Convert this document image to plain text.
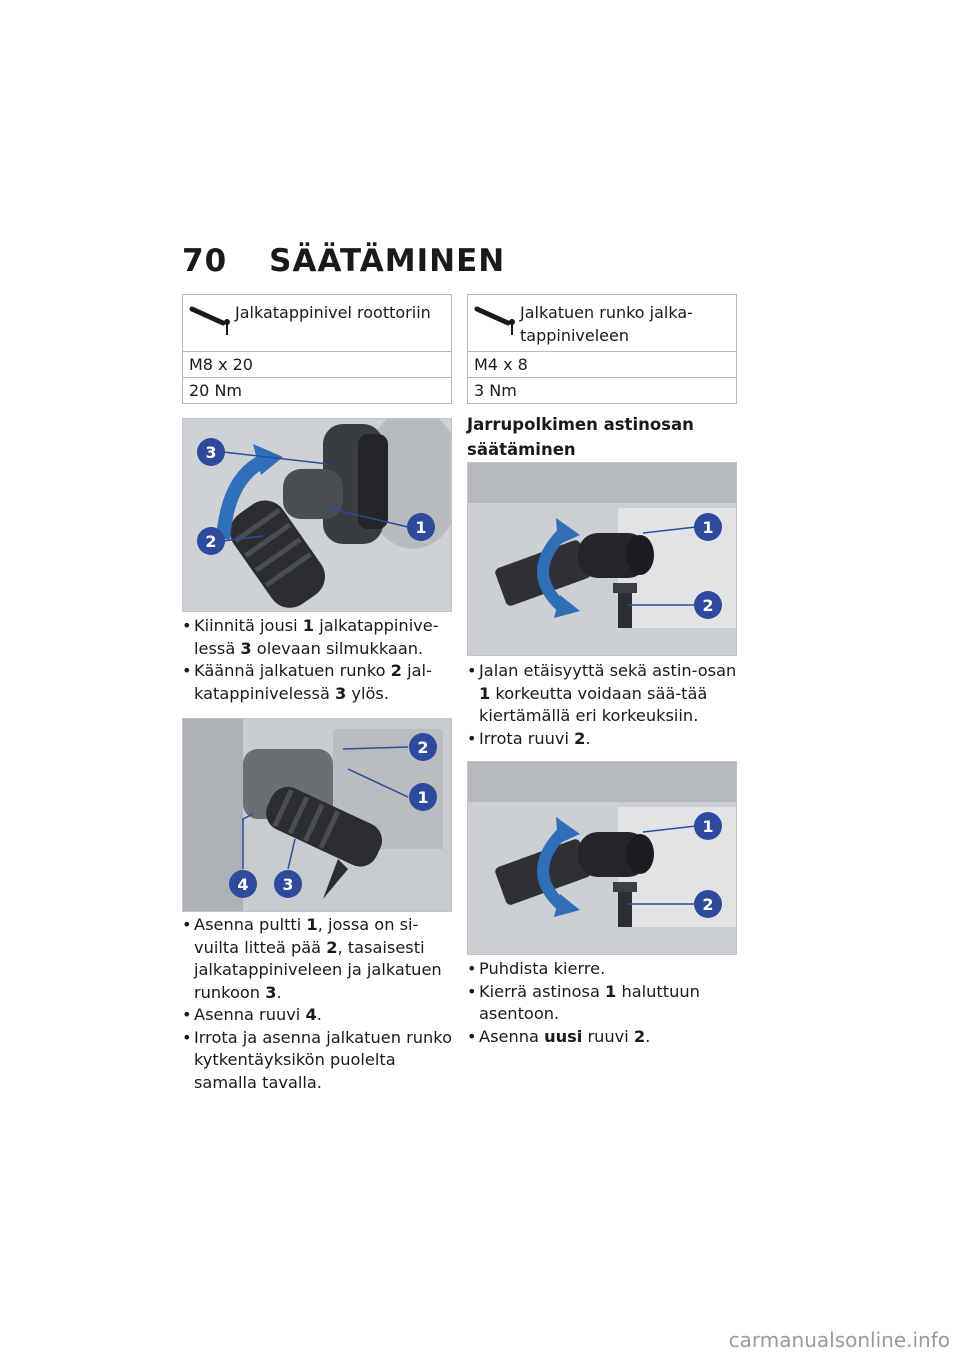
70 SÄÄTÄMINEN
Jalkatappinivel roottoriin
M8 x 20
20 Nm
Jalkatuen runko jalka-tappiniveleen
M4 x 8
3 Nm
3
2
1
• Kiinnitä jousi 1 jalkatappinive-lessä 3 olevaan silmukkaan.
• Käännä jalkatuen runko 2 jal-katappinivelessä 3 ylös.
2
1
4 3
• Asenna pultti 1, jossa on si-vuilta litteä pää 2, tasaisesti jalkatappiniveleen ja jalkatuen runkoon 3.
• Asenna ruuvi 4.
• Irrota ja asenna jalkatuen runko kytkentäyksikön puolelta samalla tavalla.
Jarrupolkimen astinosan säätäminen
1
2
• Jalan etäisyyttä sekä astin-osan 1 korkeutta voidaan sää-tää kiertämällä eri korkeuksiin.
• Irrota ruuvi 2.
1
2
• Puhdista kierre.
• Kierrä astinosa 1 haluttuun asentoon.
• Asenna uusi ruuvi 2.
carmanualsonline.info
